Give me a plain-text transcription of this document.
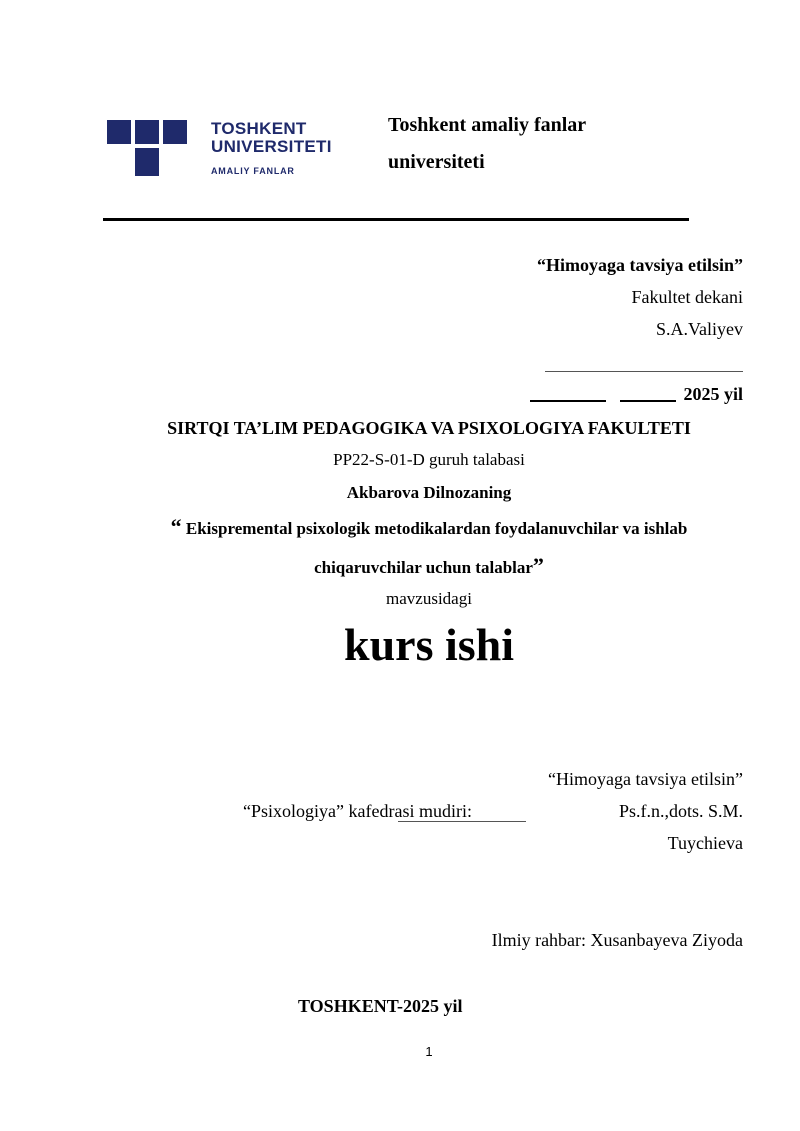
TOSHKENT
UNIVERSITETI
AMALIY FANLAR
Toshkent amaliy fanlar
universiteti
“Himoyaga tavsiya etilsin”
Fakultet dekani
S.A.Valiyev
2025 yil
SIRTQI TA’LIM PEDAGOGIKA VA PSIXOLOGIYA FAKULTETI
PP22-S-01-D guruh talabasi
Akbarova Dilnozaning
“ Ekispremental psixologik metodikalardan foydalanuvchilar va ishlab
chiqaruvchilar uchun talablar”
mavzusidagi
kurs ishi
“Himoyaga tavsiya etilsin”
“Psixologiya” kafedrasi mudiri:	Ps.f.n.,dots. S.M.
Tuychieva
Ilmiy rahbar: Xusanbayeva Ziyoda
TOSHKENT-2025 yil
1
